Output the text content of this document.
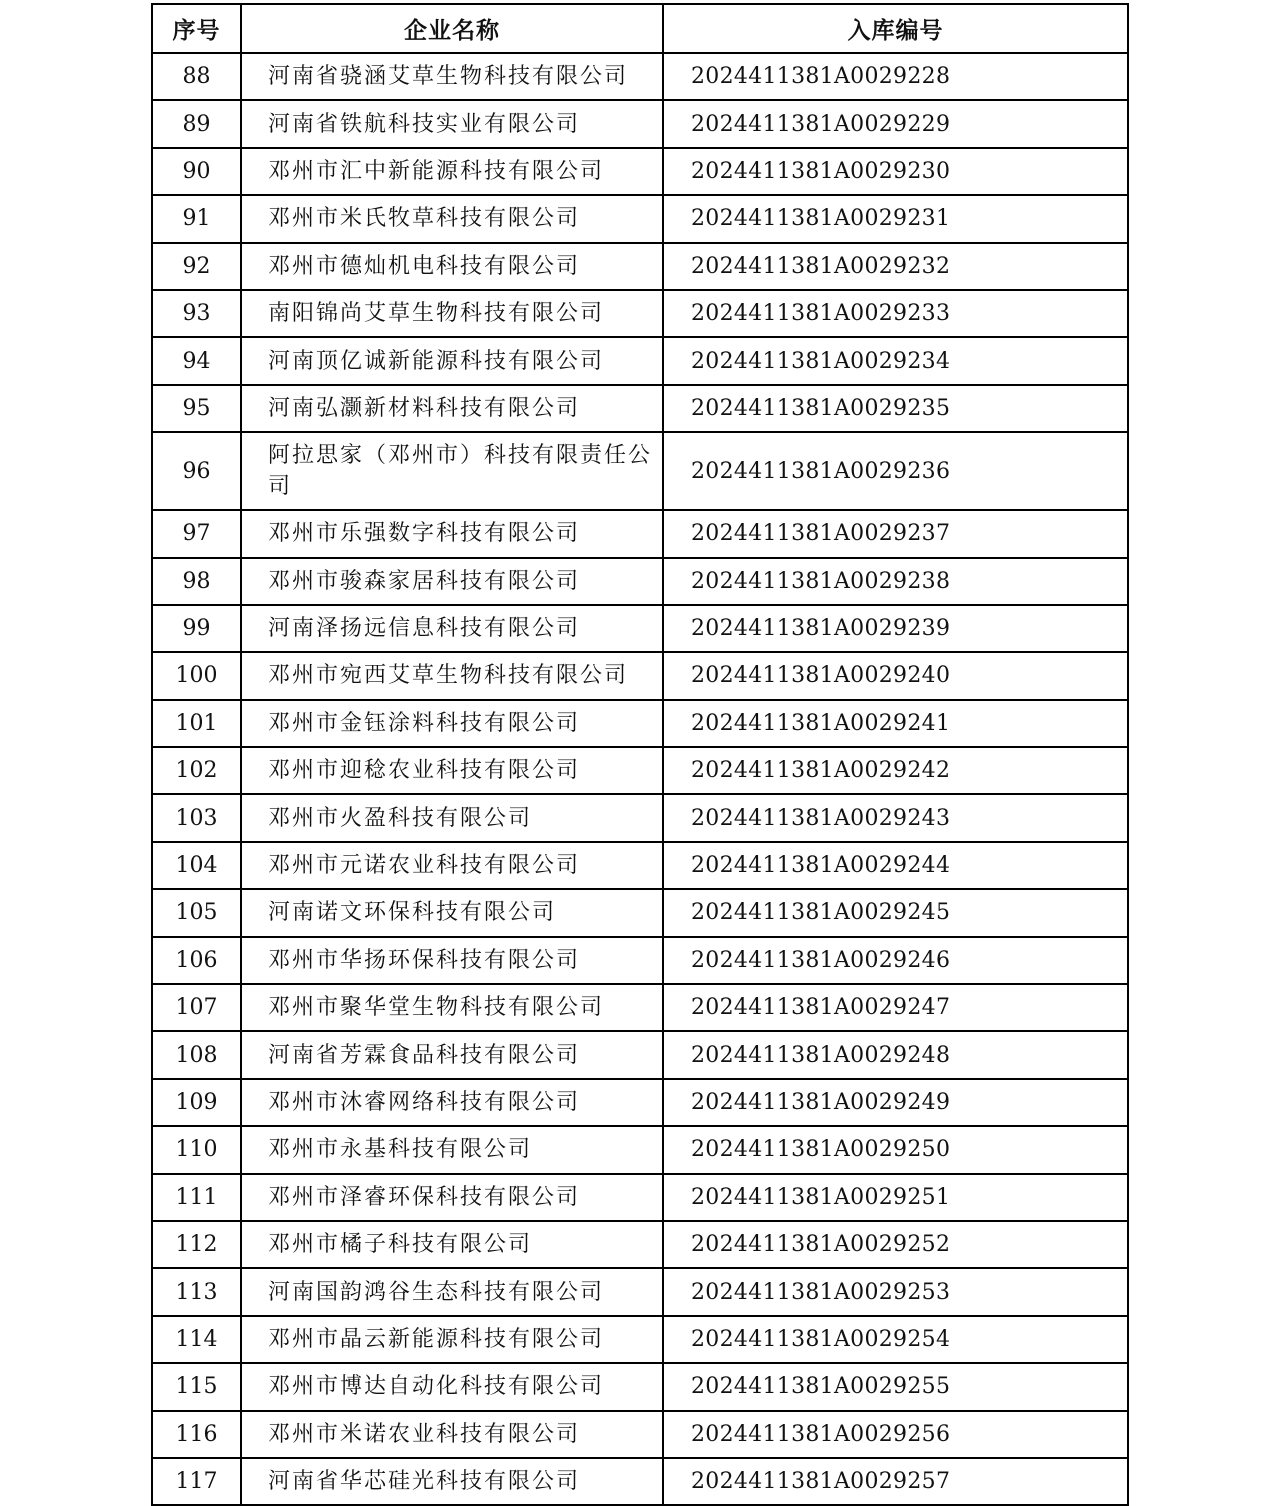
序号	企业名称	入库编号
88	河南省骁涵艾草生物科技有限公司	2024411381A0029228
89	河南省铁航科技实业有限公司	2024411381A0029229
90	邓州市汇中新能源科技有限公司	2024411381A0029230
91	邓州市米氏牧草科技有限公司	2024411381A0029231
92	邓州市德灿机电科技有限公司	2024411381A0029232
93	南阳锦尚艾草生物科技有限公司	2024411381A0029233
94	河南顶亿诚新能源科技有限公司	2024411381A0029234
95	河南弘灏新材料科技有限公司	2024411381A0029235
96	阿拉思家（邓州市）科技有限责任公司	2024411381A0029236
97	邓州市乐强数字科技有限公司	2024411381A0029237
98	邓州市骏森家居科技有限公司	2024411381A0029238
99	河南泽扬远信息科技有限公司	2024411381A0029239
100	邓州市宛西艾草生物科技有限公司	2024411381A0029240
101	邓州市金钰涂料科技有限公司	2024411381A0029241
102	邓州市迎稔农业科技有限公司	2024411381A0029242
103	邓州市火盈科技有限公司	2024411381A0029243
104	邓州市元诺农业科技有限公司	2024411381A0029244
105	河南诺文环保科技有限公司	2024411381A0029245
106	邓州市华扬环保科技有限公司	2024411381A0029246
107	邓州市聚华堂生物科技有限公司	2024411381A0029247
108	河南省芳霖食品科技有限公司	2024411381A0029248
109	邓州市沐睿网络科技有限公司	2024411381A0029249
110	邓州市永基科技有限公司	2024411381A0029250
111	邓州市泽睿环保科技有限公司	2024411381A0029251
112	邓州市橘子科技有限公司	2024411381A0029252
113	河南国韵鸿谷生态科技有限公司	2024411381A0029253
114	邓州市晶云新能源科技有限公司	2024411381A0029254
115	邓州市博达自动化科技有限公司	2024411381A0029255
116	邓州市米诺农业科技有限公司	2024411381A0029256
117	河南省华芯硅光科技有限公司	2024411381A0029257
